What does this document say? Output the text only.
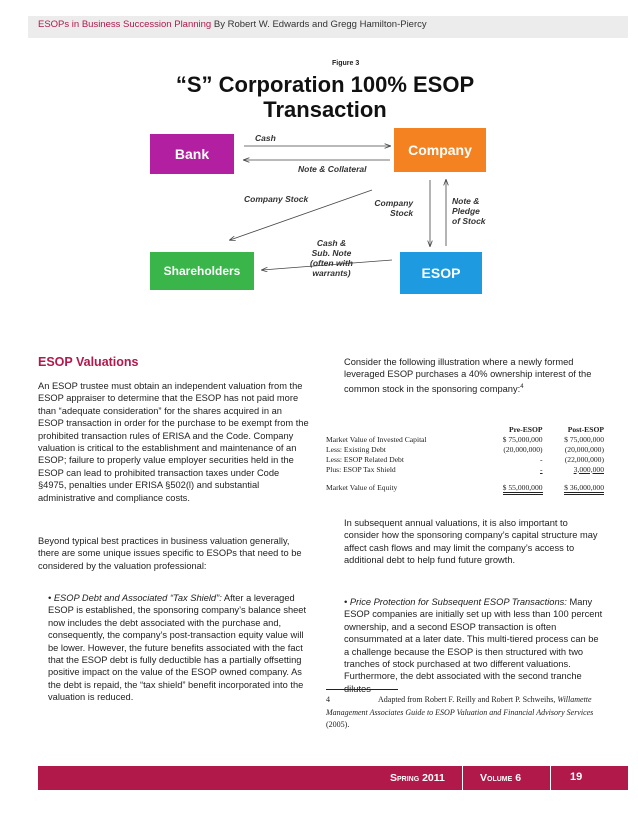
ESOPs in Business Succession Planning By Robert W. Edwards and Gregg Hamilton-Piercy
Figure 3
“S” Corporation 100% ESOP
Transaction
Bank	Company
Shareholders	ESOP
Cash
Note & Collateral
Company Stock	Company
Stock
Note &
Pledge
of Stock
Cash &
Sub. Note
(often with
warrants)
ESOP Valuations

An ESOP trustee must obtain an independent valuation from the ESOP appraiser to determine that the ESOP has not paid more than “adequate consideration” for the shares acquired in an ESOP transaction in order for the purchase to be exempt from the prohibited transaction rules of ERISA and the Code. Company valuation is critical to the establishment and maintenance of an ESOP; failure to properly value employer securities held in the ESOP can lead to prohibited transaction taxes under Code §4975, penalties under ERISA §502(l) and substantial administrative and compliance costs.

Beyond typical best practices in business valuation generally, there are some unique issues specific to ESOPs that need to be considered by the valuation professional:

• ESOP Debt and Associated “Tax Shield”: After a leveraged ESOP is established, the sponsoring company’s balance sheet now includes the debt associated with the purchase and, consequently, the company’s post-transaction equity value will be lower. However, the future benefits associated with the fact that the ESOP debt is fully deductible has a partially offsetting positive impact on the value of the ESOP owned company. As the debt is repaid, the “tax shield” benefit incorporated into the valuation is reduced.

Consider the following illustration where a newly formed leveraged ESOP purchases a 40% ownership interest of the common stock in the sponsoring company:$^4$

	Pre-ESOP	Post-ESOP
Market Value of Invested Capital	$ 75,000,000	$ 75,000,000
Less: Existing Debt	(20,000,000)	(20,000,000)
Less: ESOP Related Debt	-	(22,000,000)
Plus: ESOP Tax Shield	-	3,000,000

Market Value of Equity	$ 55,000,000	$ 36,000,000

In subsequent annual valuations, it is also important to consider how the sponsoring company’s capital structure may affect cash flows and may limit the company’s access to additional debt to help fund future growth.

• Price Protection for Subsequent ESOP Transactions: Many ESOP companies are initially set up with less than 100 percent ownership, and a second ESOP transaction is often consummated at a later date. This multi-tiered process can be a challenge because the ESOP is then structured with two tranches of stock purchased at two different valuations. Furthermore, the debt associated with the second tranche dilutes

4	Adapted from Robert F. Reilly and Robert P. Schweihs, Willamette Management Associates Guide to ESOP Valuation and Financial Advisory Services (2005).
Spring 2011	Volume 6	19
